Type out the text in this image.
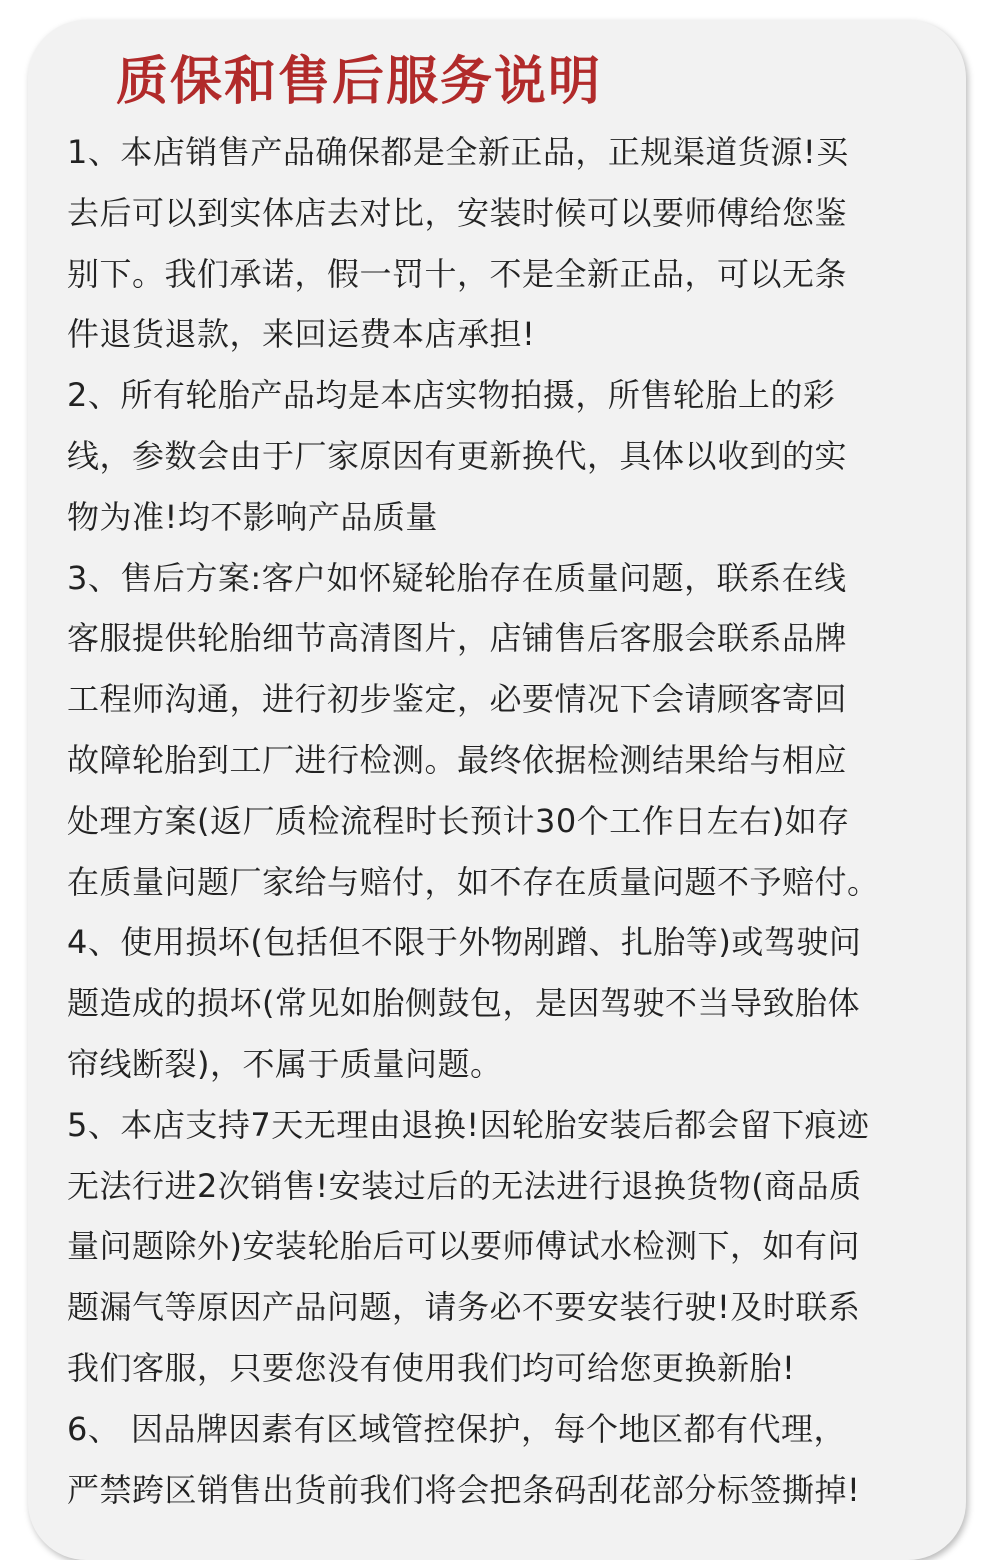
质保和售后服务说明
1、本店销售产品确保都是全新正品，正规渠道货源!买
去后可以到实体店去对比，安装时候可以要师傅给您鉴
别下。我们承诺，假一罚十，不是全新正品，可以无条
件退货退款，来回运费本店承担!
2、所有轮胎产品均是本店实物拍摄，所售轮胎上的彩
线，参数会由于厂家原因有更新换代，具体以收到的实
物为准!均不影响产品质量
3、售后方案:客户如怀疑轮胎存在质量问题，联系在线
客服提供轮胎细节高清图片，店铺售后客服会联系品牌
工程师沟通，进行初步鉴定，必要情况下会请顾客寄回
故障轮胎到工厂进行检测。最终依据检测结果给与相应
处理方案(返厂质检流程时长预计30个工作日左右)如存
在质量问题厂家给与赔付，如不存在质量问题不予赔付。
4、使用损坏(包括但不限于外物剐蹭、扎胎等)或驾驶问
题造成的损坏(常见如胎侧鼓包，是因驾驶不当导致胎体
帘线断裂)，不属于质量问题。
5、本店支持7天无理由退换!因轮胎安装后都会留下痕迹
无法行进2次销售!安装过后的无法进行退换货物(商品质
量问题除外)安装轮胎后可以要师傅试水检测下，如有问
题漏气等原因产品问题，请务必不要安装行驶!及时联系
我们客服，只要您没有使用我们均可给您更换新胎!
6、 因品牌因素有区域管控保护，每个地区都有代理，
严禁跨区销售出货前我们将会把条码刮花部分标签撕掉!
